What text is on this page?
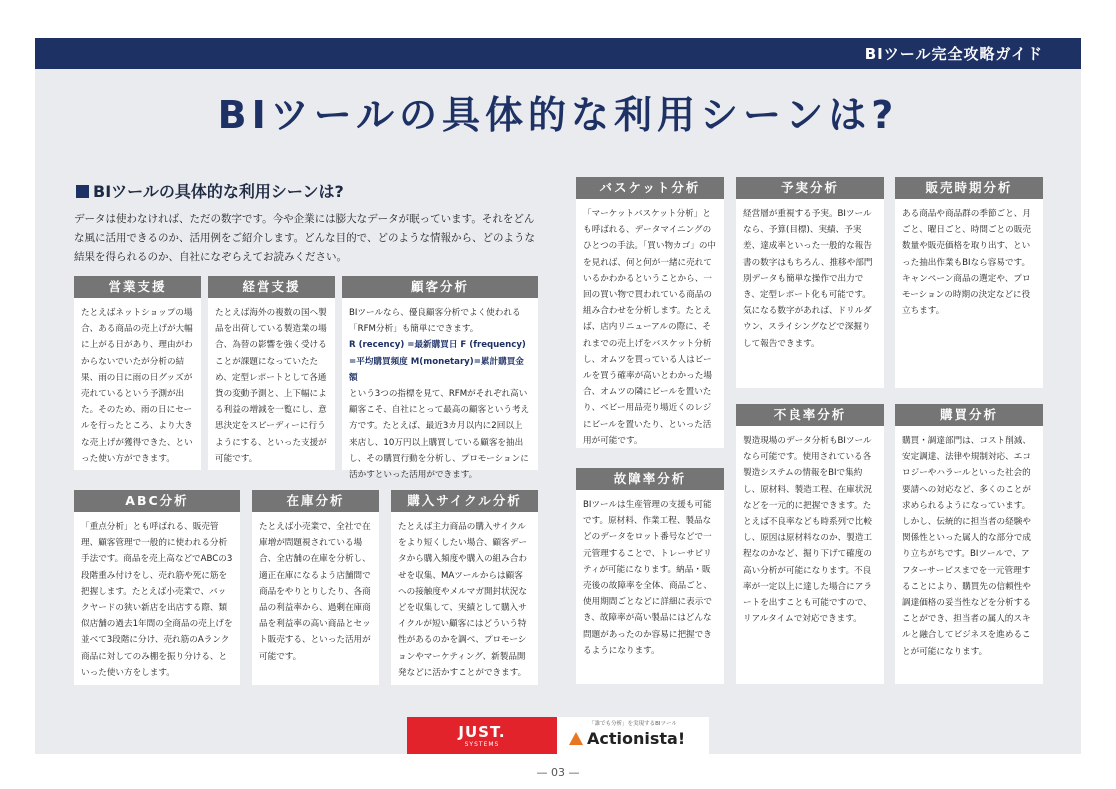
BIツール完全攻略ガイド
BIツールの具体的な利用シーンは?
BIツールの具体的な利用シーンは?
データは使わなければ、ただの数字です。今や企業には膨大なデータが眠っています。それをどんな風に活用できるのか、活用例をご紹介します。どんな目的で、どのような情報から、どのような結果を得られるのか、自社になぞらえてお読みください。
営業支援
たとえばネットショップの場合、ある商品の売上げが大幅に上がる日があり、理由がわからないでいたが分析の結果、雨の日に雨の日グッズが売れているという予測が出た。そのため、雨の日にセールを行ったところ、より大きな売上げが獲得できた、といった使い方ができます。
経営支援
たとえば海外の複数の国へ製品を出荷している製造業の場合、為替の影響を強く受けることが課題になっていたため、定型レポートとして各通貨の変動予測と、上下幅による利益の増減を一覧にし、意思決定をスピーディーに行うようにする、といった支援が可能です。
顧客分析
BIツールなら、優良顧客分析でよく使われる「RFM分析」も簡単にできます。
R (recency) =最新購買日 F (frequency) =平均購買頻度 M(monetary)=累計購買金額
という3つの指標を見て、RFMがそれぞれ高い顧客こそ、自社にとって最高の顧客という考え方です。たとえば、最近3カ月以内に2回以上来店し、10万円以上購買している顧客を抽出し、その購買行動を分析し、プロモーションに活かすといった活用ができます。
ABC分析
「重点分析」とも呼ばれる、販売管理、顧客管理で一般的に使われる分析手法です。商品を売上高などでABCの3段階重み付けをし、売れ筋や死に筋を把握します。たとえば小売業で、バックヤードの狭い新店を出店する際、類似店舗の過去1年間の全商品の売上げを並べて3段階に分け、売れ筋のAランク商品に対してのみ棚を振り分ける、といった使い方をします。
在庫分析
たとえば小売業で、全社で在庫増が問題視されている場合、全店舗の在庫を分析し、適正在庫になるよう店舗間で商品をやりとりしたり、各商品の利益率から、過剰在庫商品を利益率の高い商品とセット販売する、といった活用が可能です。
購入サイクル分析
たとえば主力商品の購入サイクルをより短くしたい場合、顧客データから購入頻度や購入の組み合わせを収集、MAツールからは顧客への接触度やメルマガ開封状況などを収集して、実績として購入サイクルが短い顧客にはどういう特性があるのかを調べ、プロモーションやマーケティング、新製品開発などに活かすことができます。
バスケット分析
「マーケットバスケット分析」とも呼ばれる、データマイニングのひとつの手法。「買い物カゴ」の中を見れば、何と何が一緒に売れているかわかるということから、一回の買い物で買われている商品の組み合わせを分析します。たとえば、店内リニューアルの際に、それまでの売上げをバスケット分析し、オムツを買っている人はビールを買う確率が高いとわかった場合、オムツの隣にビールを置いたり、ベビー用品売り場近くのレジにビールを置いたり、といった活用が可能です。
予実分析
経営層が重視する予実。BIツールなら、予算(目標)、実績、予実差、達成率といった一般的な報告書の数字はもちろん、推移や部門別データも簡単な操作で出力でき、定型レポート化も可能です。気になる数字があれば、ドリルダウン、スライシングなどで深掘りして報告できます。
販売時期分析
ある商品や商品群の季節ごと、月ごと、曜日ごと、時間ごとの販売数量や販売価格を取り出す、といった抽出作業もBIなら容易です。キャンペーン商品の選定や、プロモーションの時期の決定などに役立ちます。
故障率分析
BIツールは生産管理の支援も可能です。原材料、作業工程、製品などのデータをロット番号などで一元管理することで、トレーサビリティが可能になります。納品・販売後の故障率を全体、商品ごと、使用期間ごとなどに詳細に表示でき、故障率が高い製品にはどんな問題があったのか容易に把握できるようになります。
不良率分析
製造現場のデータ分析もBIツールなら可能です。使用されている各製造システムの情報をBIで集約し、原材料、製造工程、在庫状況などを一元的に把握できます。たとえば不良率なども時系列で比較し、原因は原材料なのか、製造工程なのかなど、掘り下げて確度の高い分析が可能になります。不良率が一定以上に達した場合にアラートを出すことも可能ですので、リアルタイムで対応できます。
購買分析
購買・調達部門は、コスト削減、安定調達、法律や規制対応、エコロジーやハラールといった社会的要請への対応など、多くのことが求められるようになっています。しかし、伝統的に担当者の経験や関係性といった属人的な部分で成り立ちがちです。BIツールで、アフターサービスまでを一元管理することにより、購買先の信頼性や調達価格の妥当性などを分析することができ、担当者の属人的スキルと融合してビジネスを進めることが可能になります。
JUST.
SYSTEMS
「誰でも分析」を実現するBIツール
Actionista!
— 03 —
